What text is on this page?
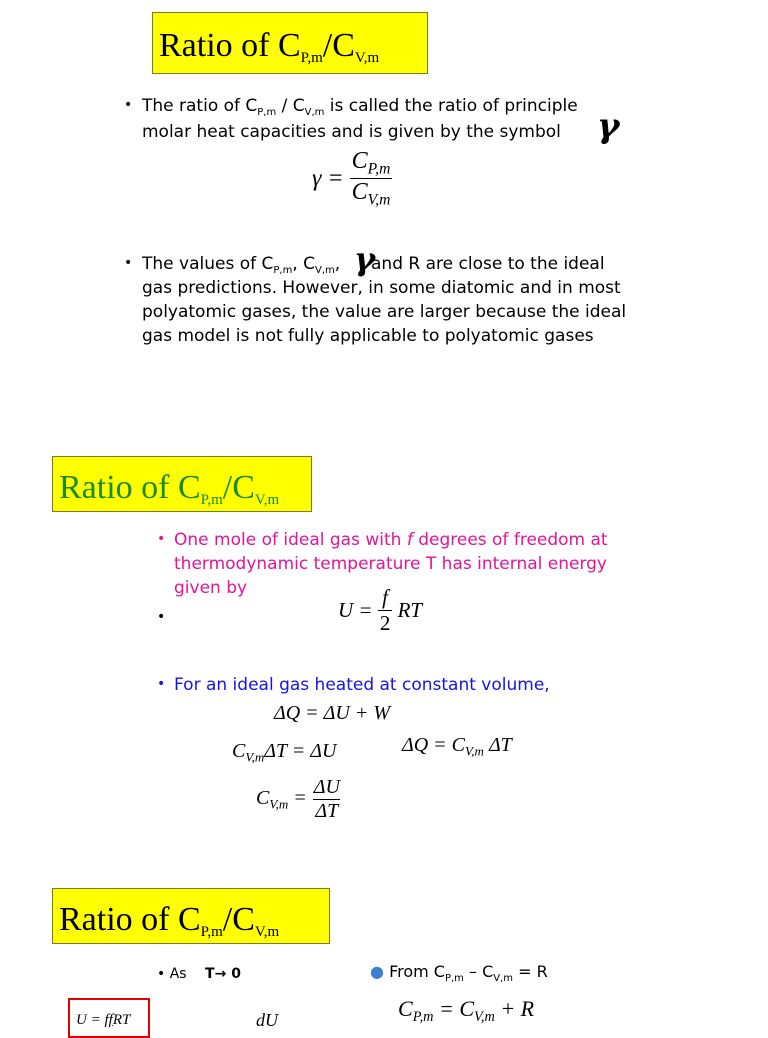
Ratio of CP,m/CV,m
• The ratio of $C_{P,m} / C_{V,m}$ is called the ratio of principle
molar heat capacities and is given by the symbol γ
$\gamma = \frac{C_{P,m}}{C_{V,m}}$
• The values of $C_{P,m}$, $C_{V,m}$, γ
and R are close to the ideal
gas predictions. However, in some diatomic and in most
polyatomic gases, the value are larger because the ideal
gas model is not fully applicable to polyatomic gases
Ratio of CP,m/CV,m
• One mole of ideal gas with f degrees of freedom at
thermodynamic temperature T has internal energy
given by
•	$U = \frac{f}{2}$ RT
• For an ideal gas heated at constant volume,
ΔQ = ΔU + W
$C_{V,m}\Delta T = \Delta U$	$\Delta Q = C_{V,m}$ ΔT
$C_{V,m} = \frac{\Delta U}{\Delta T}$
Ratio of CP,m/CV,m
• As T→ 0	● From $C_{P,m} - C_{V,m} = R$
$C_{P,m} = C_{V,m} + R$
U = ffRT	dU
